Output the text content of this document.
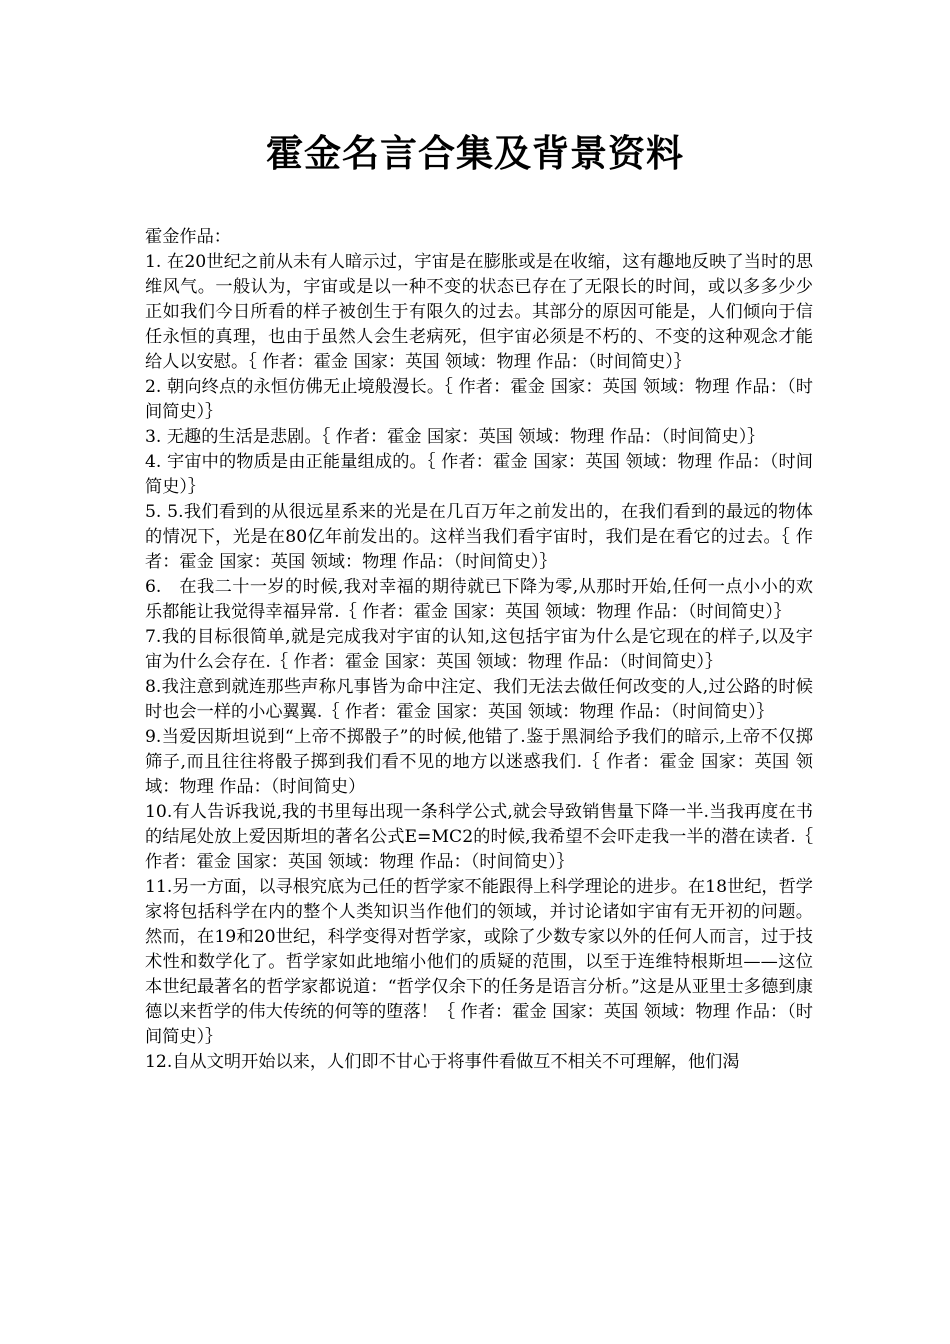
霍金名言合集及背景资料
霍金作品：
1. 在20世纪之前从未有人暗示过，宇宙是在膨胀或是在收缩，这有趣地反映了当时的思维风气。一般认为，宇宙或是以一种不变的状态已存在了无限长的时间，或以多多少少正如我们今日所看的样子被创生于有限久的过去。其部分的原因可能是，人们倾向于信任永恒的真理，也由于虽然人会生老病死，但宇宙必须是不朽的、不变的这种观念才能给人以安慰。｛ 作者：霍金 国家：英国 领域：物理 作品：（时间简史）｝
2. 朝向终点的永恒仿佛无止境般漫长。｛ 作者：霍金 国家：英国 领域：物理 作品：（时间简史）｝
3. 无趣的生活是悲剧。｛ 作者：霍金 国家：英国 领域：物理 作品：（时间简史）｝
4. 宇宙中的物质是由正能量组成的。｛ 作者：霍金 国家：英国 领域：物理 作品：（时间简史）｝
5. 5.我们看到的从很远星系来的光是在几百万年之前发出的，在我们看到的最远的物体的情况下，光是在80亿年前发出的。这样当我们看宇宙时，我们是在看它的过去。｛ 作者：霍金 国家：英国 领域：物理 作品：（时间简史）｝
6.　在我二十一岁的时候,我对幸福的期待就已下降为零,从那时开始,任何一点小小的欢乐都能让我觉得幸福异常.｛ 作者：霍金 国家：英国 领域：物理 作品：（时间简史）｝
7.我的目标很简单,就是完成我对宇宙的认知,这包括宇宙为什么是它现在的样子,以及宇宙为什么会存在.｛ 作者：霍金 国家：英国 领域：物理 作品：（时间简史）｝
8.我注意到就连那些声称凡事皆为命中注定、我们无法去做任何改变的人,过公路的时候时也会一样的小心翼翼.｛ 作者：霍金 国家：英国 领域：物理 作品：（时间简史）｝
9.当爱因斯坦说到“上帝不掷骰子”的时候,他错了.鉴于黑洞给予我们的暗示,上帝不仅掷筛子,而且往往将骰子掷到我们看不见的地方以迷惑我们.｛ 作者：霍金 国家：英国 领域：物理 作品：（时间简史）
10.有人告诉我说,我的书里每出现一条科学公式,就会导致销售量下降一半.当我再度在书的结尾处放上爱因斯坦的著名公式E=MC2的时候,我希望不会吓走我一半的潜在读者.｛ 作者：霍金 国家：英国 领域：物理 作品：（时间简史）｝
11.另一方面，以寻根究底为己任的哲学家不能跟得上科学理论的进步。在18世纪，哲学家将包括科学在内的整个人类知识当作他们的领域，并讨论诸如宇宙有无开初的问题。然而，在19和20世纪，科学变得对哲学家，或除了少数专家以外的任何人而言，过于技术性和数学化了。哲学家如此地缩小他们的质疑的范围，以至于连维特根斯坦——这位本世纪最著名的哲学家都说道：“哲学仅余下的任务是语言分析。”这是从亚里士多德到康德以来哲学的伟大传统的何等的堕落！｛ 作者：霍金 国家：英国 领域：物理 作品：（时间简史）｝
12.自从文明开始以来，人们即不甘心于将事件看做互不相关不可理解，他们渴
